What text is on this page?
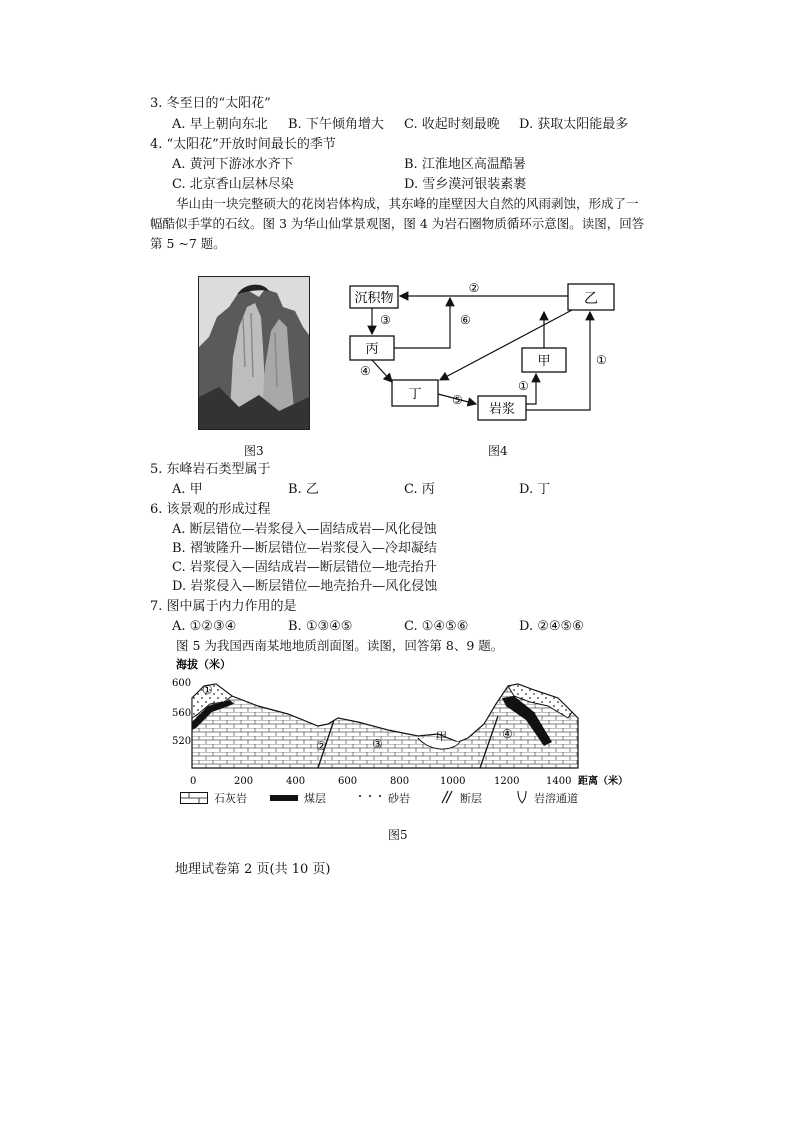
3. 冬至日的“太阳花”
A. 早上朝向东北 B. 下午倾角增大 C. 收起时刻最晚 D. 获取太阳能最多
4. “太阳花”开放时间最长的季节
A. 黄河下游冰水齐下	B. 江淮地区高温酷暑
C. 北京香山层林尽染	D. 雪乡漠河银装素裹
华山由一块完整硕大的花岗岩体构成，其东峰的崖壁因大自然的风雨剥蚀，形成了一
幅酷似手掌的石纹。图 3 为华山仙掌景观图，图 4 为岩石圈物质循环示意图。读图，回答
第 5 ~7 题。
图3
沉积物	乙
丙
甲
丁
岩浆
②
③	⑥
④
⑤
①
①
图4
5. 东峰岩石类型属于
A. 甲	B. 乙	C. 丙	D. 丁
6. 该景观的形成过程
A. 断层错位—岩浆侵入—固结成岩—风化侵蚀
B. 褶皱隆升—断层错位—岩浆侵入—冷却凝结
C. 岩浆侵入—固结成岩—断层错位—地壳抬升
D. 岩浆侵入—断层错位—地壳抬升—风化侵蚀
7. 图中属于内力作用的是
A. ①②③④	B. ①③④⑤	C. ①④⑤⑥	D. ②④⑤⑥
图 5 为我国西南某地地质剖面图。读图，回答第 8、9 题。
海拔（米）
600
560
520
①
②	③
甲	④
0	200	400	600	800	1000	1200	1400 距离（米）
石灰岩	煤层	砂岩	断层	岩溶通道
图5
地理试卷第 2 页(共 10 页)
